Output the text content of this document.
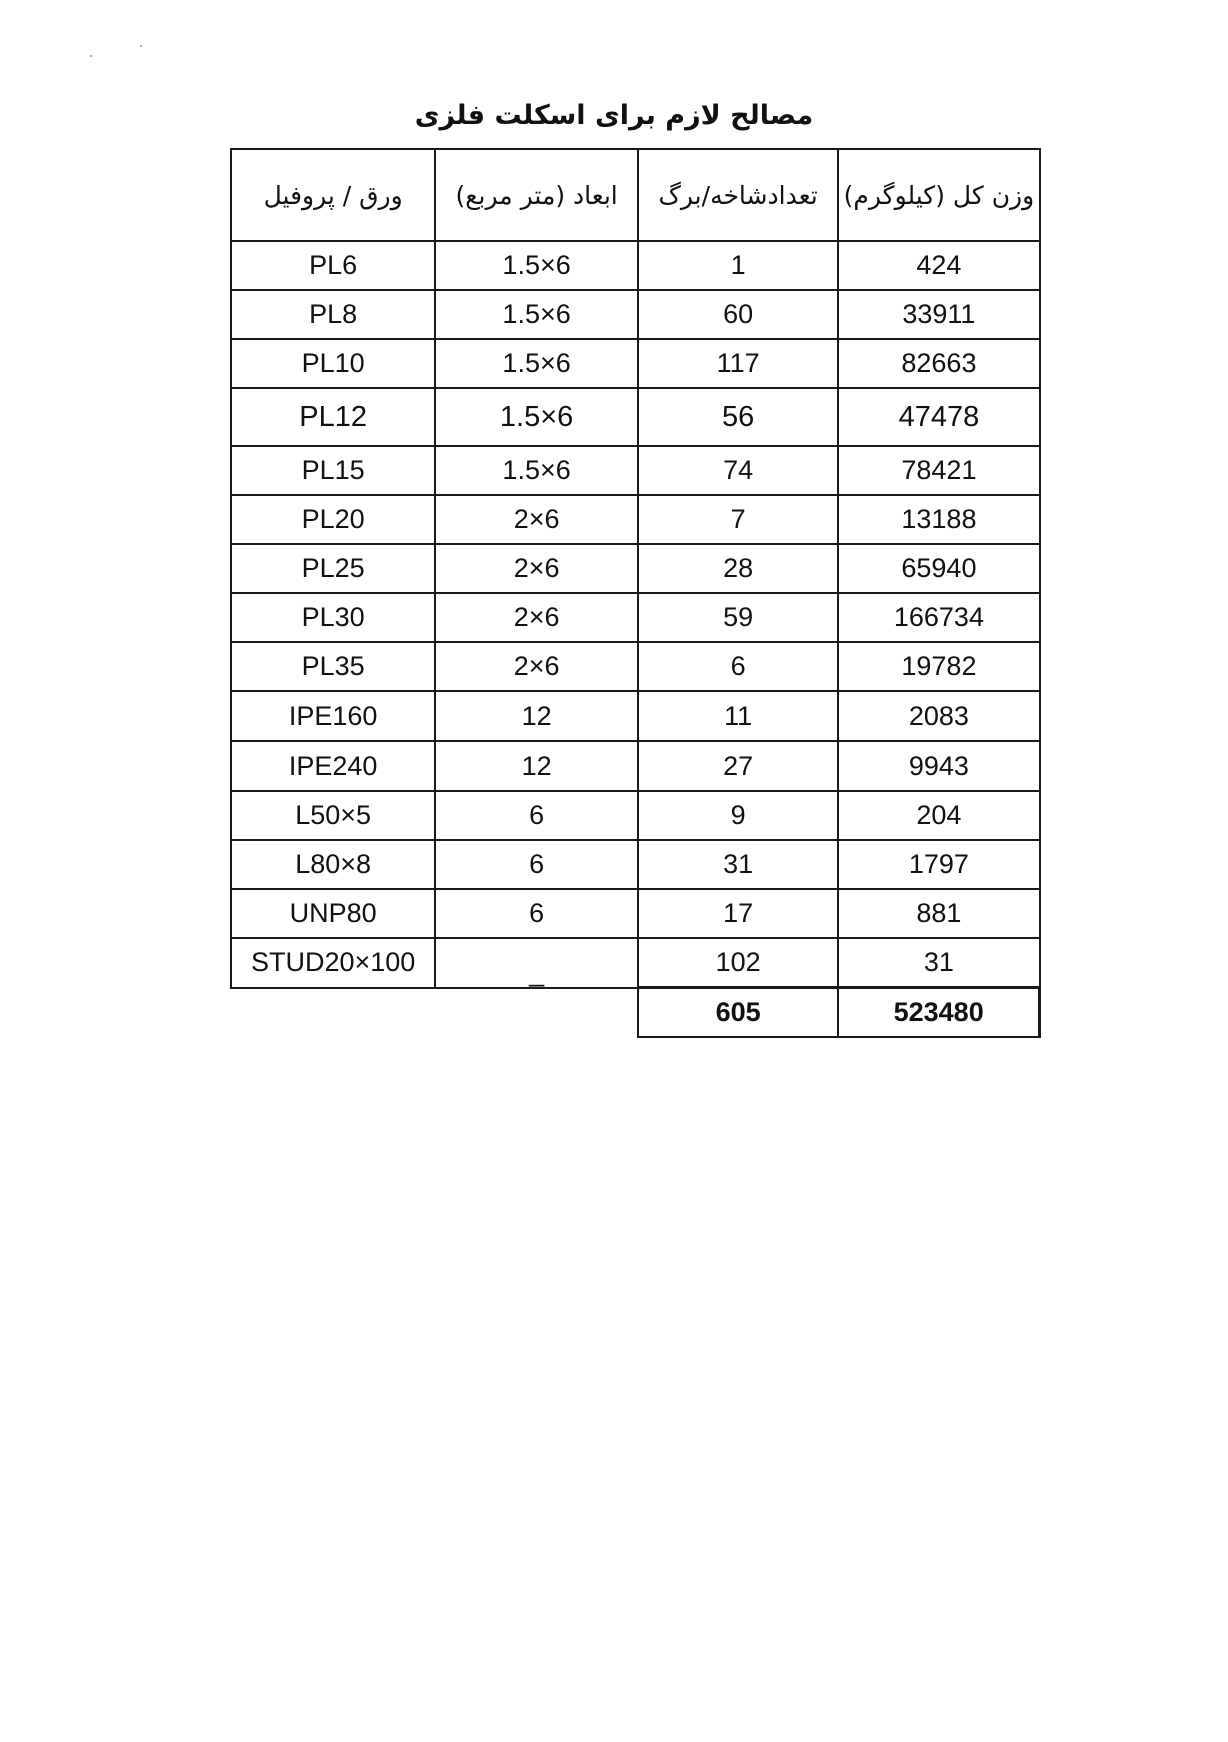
مصالح لازم برای اسکلت فلزی
وزن کل (کیلوگرم)	تعدادشاخه/برگ	ابعاد (متر مربع)	ورق / پروفیل
424	1	6×1.5	PL6
33911	60	6×1.5	PL8
82663	117	6×1.5	PL10
47478	56	6×1.5	PL12
78421	74	6×1.5	PL15
13188	7	6×2	PL20
65940	28	6×2	PL25
166734	59	6×2	PL30
19782	6	6×2	PL35
2083	11	12	IPE160
9943	27	12	IPE240
204	9	6	L50×5
1797	31	6	L80×8
881	17	6	UNP80
31	102	_	STUD20×100
523480	605		
